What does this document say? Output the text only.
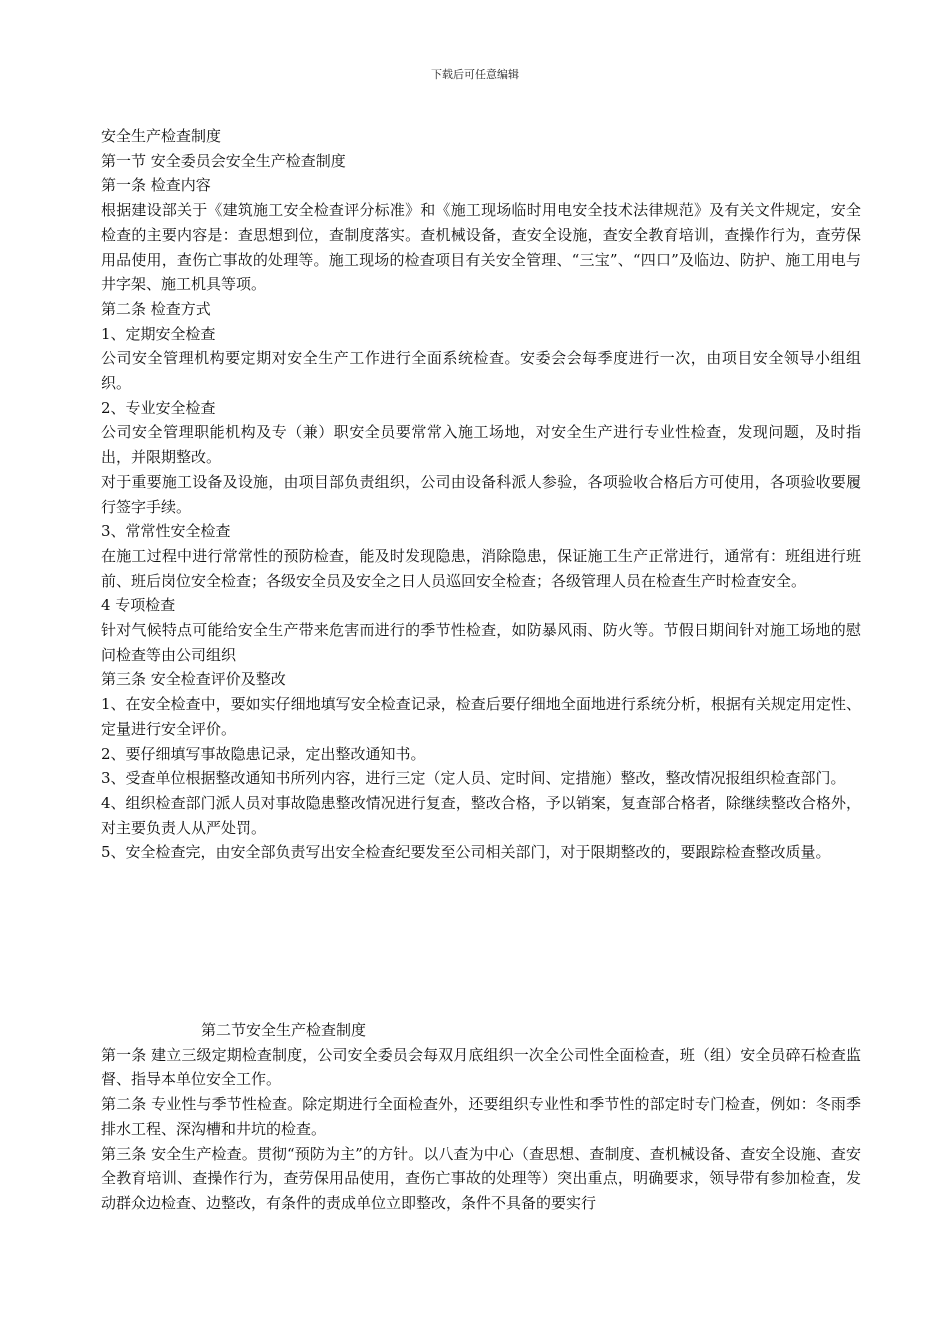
下载后可任意编辑

安全生产检查制度

第一节 安全委员会安全生产检查制度

第一条 检查内容

根据建设部关于《建筑施工安全检查评分标准》和《施工现场临时用电安全技术法律规范》及有关文件规定，安全检查的主要内容是：查思想到位，查制度落实。查机械设备，查安全设施，查安全教育培训，查操作行为，查劳保用品使用，查伤亡事故的处理等。施工现场的检查项目有关安全管理、“三宝”、“四口”及临边、防护、施工用电与井字架、施工机具等项。

第二条 检查方式

1、定期安全检查

公司安全管理机构要定期对安全生产工作进行全面系统检查。安委会会每季度进行一次，由项目安全领导小组组织。

2、专业安全检查

公司安全管理职能机构及专（兼）职安全员要常常入施工场地，对安全生产进行专业性检查，发现问题，及时指出，并限期整改。

对于重要施工设备及设施，由项目部负责组织，公司由设备科派人参验，各项验收合格后方可使用，各项验收要履行签字手续。

3、常常性安全检查

在施工过程中进行常常性的预防检查，能及时发现隐患，消除隐患，保证施工生产正常进行，通常有：班组进行班前、班后岗位安全检查；各级安全员及安全之日人员巡回安全检查；各级管理人员在检查生产时检查安全。

4 专项检查

针对气候特点可能给安全生产带来危害而进行的季节性检查，如防暴风雨、防火等。节假日期间针对施工场地的慰问检查等由公司组织

第三条 安全检查评价及整改

1、在安全检查中，要如实仔细地填写安全检查记录，检查后要仔细地全面地进行系统分析，根据有关规定用定性、定量进行安全评价。

2、要仔细填写事故隐患记录，定出整改通知书。

3、受查单位根据整改通知书所列内容，进行三定（定人员、定时间、定措施）整改，整改情况报组织检查部门。

4、组织检查部门派人员对事故隐患整改情况进行复查，整改合格，予以销案，复查部合格者，除继续整改合格外，对主要负责人从严处罚。

5、安全检查完，由安全部负责写出安全检查纪要发至公司相关部门，对于限期整改的，要跟踪检查整改质量。

第二节安全生产检查制度

第一条 建立三级定期检查制度，公司安全委员会每双月底组织一次全公司性全面检查，班（组）安全员碎石检查监督、指导本单位安全工作。

第二条 专业性与季节性检查。除定期进行全面检查外，还要组织专业性和季节性的部定时专门检查，例如：冬雨季排水工程、深沟槽和井坑的检查。

第三条 安全生产检查。贯彻“预防为主”的方针。以八查为中心（查思想、查制度、查机械设备、查安全设施、查安全教育培训、查操作行为，查劳保用品使用，查伤亡事故的处理等）突出重点，明确要求，领导带有参加检查，发动群众边检查、边整改，有条件的责成单位立即整改，条件不具备的要实行
